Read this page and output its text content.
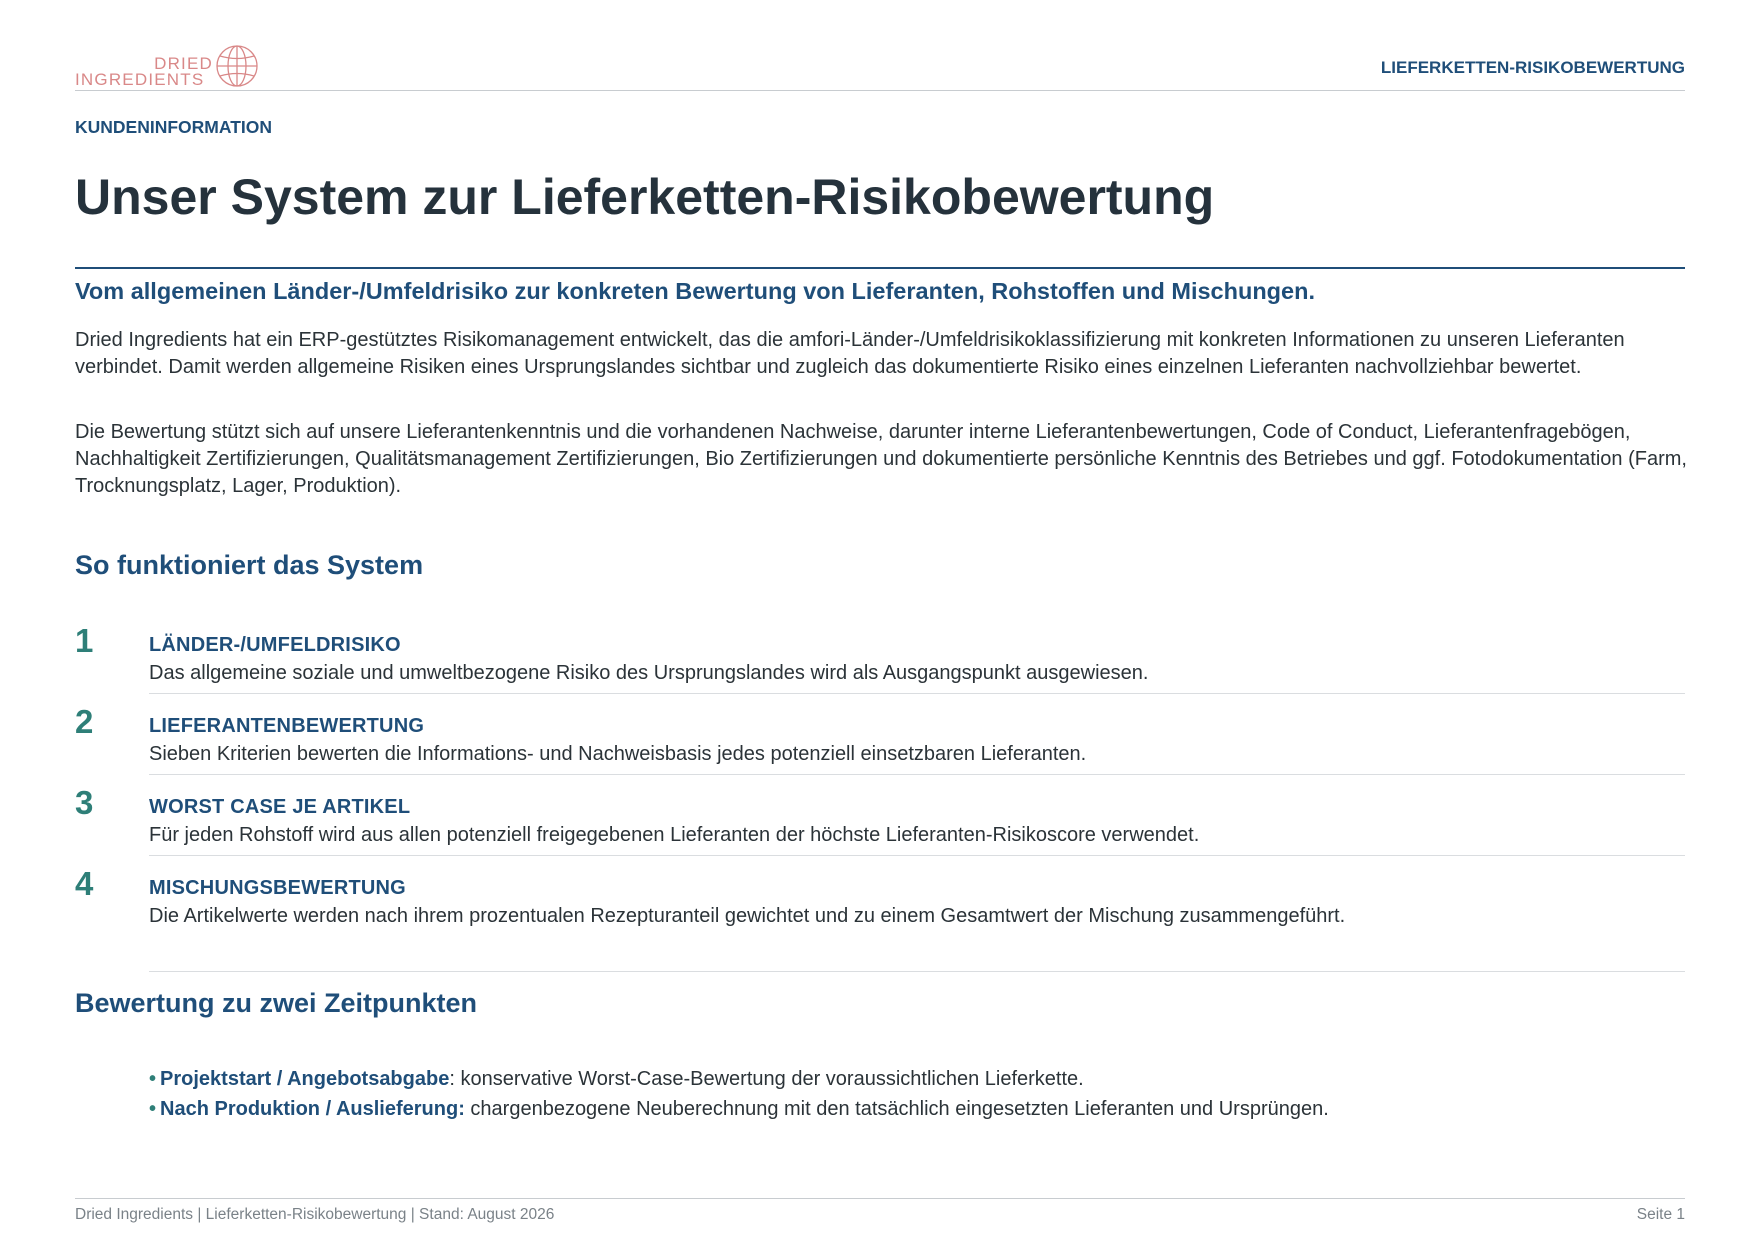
DRIED
INGREDIENTS
LIEFERKETTEN-RISIKOBEWERTUNG
KUNDENINFORMATION
Unser System zur Lieferketten-Risikobewertung
Vom allgemeinen Länder-/Umfeldrisiko zur konkreten Bewertung von Lieferanten, Rohstoffen und Mischungen.

Dried Ingredients hat ein ERP-gestütztes Risikomanagement entwickelt, das die amfori-Länder-/Umfeldrisikoklassifizierung mit konkreten Informationen zu unseren Lieferanten verbindet. Damit werden allgemeine Risiken eines Ursprungslandes sichtbar und zugleich das dokumentierte Risiko eines einzelnen Lieferanten nachvollziehbar bewertet.

Die Bewertung stützt sich auf unsere Lieferantenkenntnis und die vorhandenen Nachweise, darunter interne Lieferantenbewertungen, Code of Conduct, Lieferantenfragebögen, Nachhaltigkeit Zertifizierungen, Qualitätsmanagement Zertifizierungen, Bio Zertifizierungen und dokumentierte persönliche Kenntnis des Betriebes und ggf. Fotodokumentation (Farm, Trocknungsplatz, Lager, Produktion).

So funktioniert das System
1	LÄNDER-/UMFELDRISIKO
Das allgemeine soziale und umweltbezogene Risiko des Ursprungslandes wird als Ausgangspunkt ausgewiesen.
2	LIEFERANTENBEWERTUNG
Sieben Kriterien bewerten die Informations- und Nachweisbasis jedes potenziell einsetzbaren Lieferanten.
3	WORST CASE JE ARTIKEL
Für jeden Rohstoff wird aus allen potenziell freigegebenen Lieferanten der höchste Lieferanten-Risikoscore verwendet.
4	MISCHUNGSBEWERTUNG
Die Artikelwerte werden nach ihrem prozentualen Rezepturanteil gewichtet und zu einem Gesamtwert der Mischung zusammengeführt.
Bewertung zu zwei Zeitpunkten
• Projektstart / Angebotsabgabe: konservative Worst-Case-Bewertung der voraussichtlichen Lieferkette.
• Nach Produktion / Auslieferung: chargenbezogene Neuberechnung mit den tatsächlich eingesetzten Lieferanten und Ursprüngen.
Dried Ingredients | Lieferketten-Risikobewertung | Stand: August 2026	Seite 1
